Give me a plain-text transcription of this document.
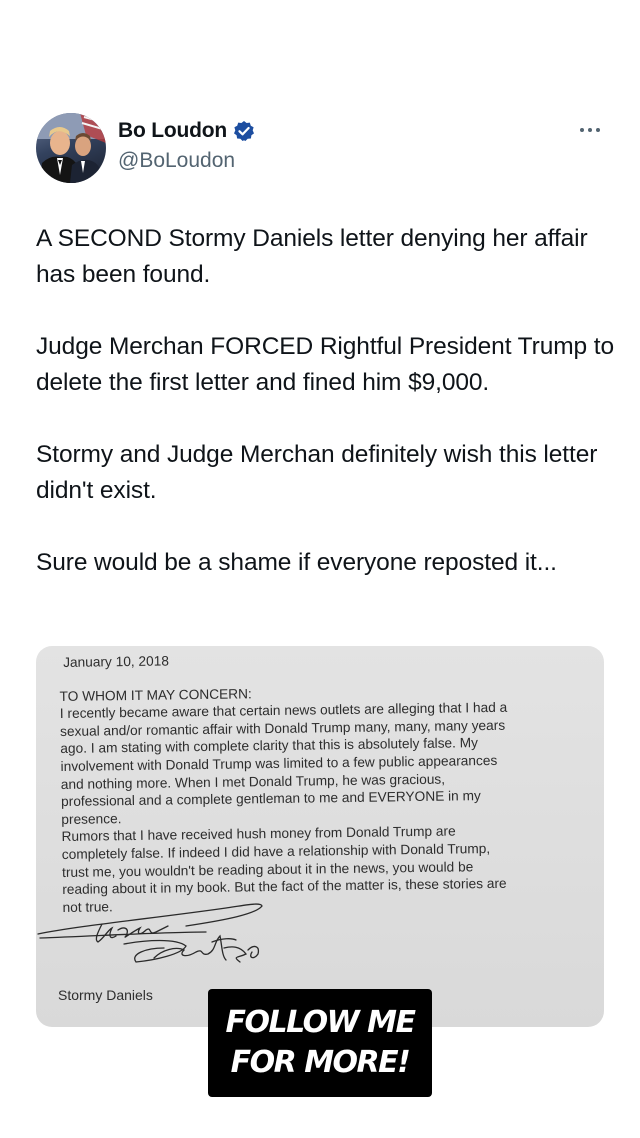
Bo Loudon
@BoLoudon

A SECOND Stormy Daniels letter denying her affair has been found.

Judge Merchan FORCED Rightful President Trump to delete the first letter and fined him $9,000.

Stormy and Judge Merchan definitely wish this letter didn't exist.

Sure would be a shame if everyone reposted it...

January 10, 2018
TO WHOM IT MAY CONCERN:
I recently became aware that certain news outlets are alleging that I had a
sexual and/or romantic affair with Donald Trump many, many, many years
ago. I am stating with complete clarity that this is absolutely false. My
involvement with Donald Trump was limited to a few public appearances
and nothing more. When I met Donald Trump, he was gracious,
professional and a complete gentleman to me and EVERYONE in my
presence.
Rumors that I have received hush money from Donald Trump are
completely false. If indeed I did have a relationship with Donald Trump,
trust me, you wouldn't be reading about it in the news, you would be
reading about it in my book. But the fact of the matter is, these stories are
not true.
Stormy Daniels
FOLLOW ME
FOR MORE!
